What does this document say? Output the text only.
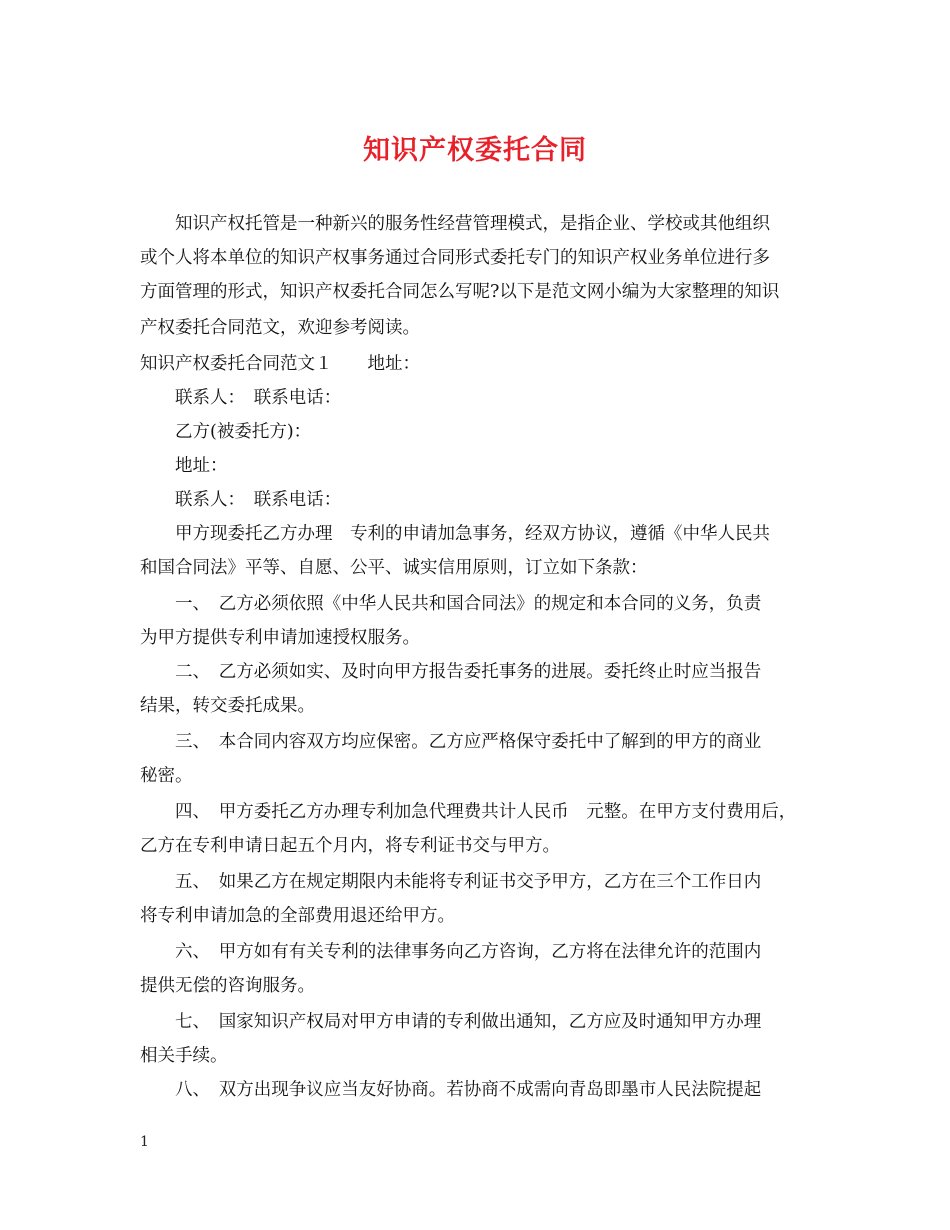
知识产权委托合同
　　知识产权托管是一种新兴的服务性经营管理模式，是指企业、学校或其他组织
或个人将本单位的知识产权事务通过合同形式委托专门的知识产权业务单位进行多
方面管理的形式，知识产权委托合同怎么写呢?以下是范文网小编为大家整理的知识
产权委托合同范文，欢迎参考阅读。
知识产权委托合同范文１　　地址：
　　联系人：　联系电话：
　　乙方(被委托方)：
　　地址：
　　联系人：　联系电话：
　　甲方现委托乙方办理　专利的申请加急事务，经双方协议，遵循《中华人民共
和国合同法》平等、自愿、公平、诚实信用原则，订立如下条款：
　　一、　乙方必须依照《中华人民共和国合同法》的规定和本合同的义务，负责
为甲方提供专利申请加速授权服务。
　　二、　乙方必须如实、及时向甲方报告委托事务的进展。委托终止时应当报告
结果，转交委托成果。
　　三、　本合同内容双方均应保密。乙方应严格保守委托中了解到的甲方的商业
秘密。
　　四、　甲方委托乙方办理专利加急代理费共计人民币　元整。在甲方支付费用后，
乙方在专利申请日起五个月内，将专利证书交与甲方。
　　五、　如果乙方在规定期限内未能将专利证书交予甲方，乙方在三个工作日内
将专利申请加急的全部费用退还给甲方。
　　六、　甲方如有有关专利的法律事务向乙方咨询，乙方将在法律允许的范围内
提供无偿的咨询服务。
　　七、　国家知识产权局对甲方申请的专利做出通知，乙方应及时通知甲方办理
相关手续。
　　八、　双方出现争议应当友好协商。若协商不成需向青岛即墨市人民法院提起
1
